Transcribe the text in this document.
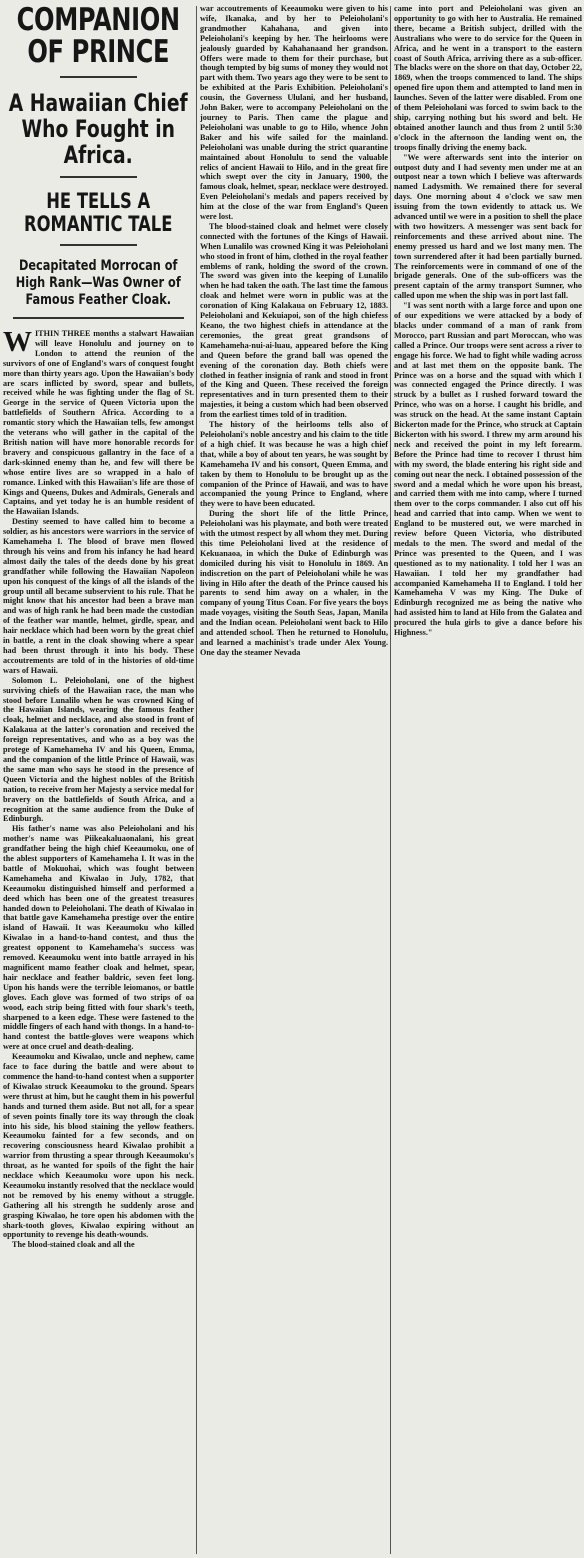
COMPANION
OF PRINCE
A Hawaiian Chief Who Fought in Africa.
HE TELLS A ROMANTIC TALE
Decapitated Morrocan of High Rank—Was Owner of Famous Feather Cloak.

WITHIN THREE months a stalwart Hawaiian will leave Honolulu and journey on to London to attend the reunion of the survivors of one of England's wars of conquest fought more than thirty years ago. Upon the Hawaiian's body are scars inflicted by sword, spear and bullets, received while he was fighting under the flag of St. George in the service of Queen Victoria upon the battlefields of Southern Africa. According to a romantic story which the Hawaiian tells, few amongst the veterans who will gather in the capital of the British nation will have more honorable records for bravery and conspicuous gallantry in the face of a dark-skinned enemy than he, and few will there be whose entire lives are so wrapped in a halo of romance. Linked with this Hawaiian's life are those of Kings and Queens, Dukes and Admirals, Generals and Captains, and yet today he is an humble resident of the Hawaiian Islands.

Destiny seemed to have called him to become a soldier, as his ancestors were warriors in the service of Kamehameha I. The blood of brave men flowed through his veins and from his infancy he had heard almost daily the tales of the deeds done by his great grandfather while following the Hawaiian Napoleon upon his conquest of the kings of all the islands of the group until all became subservient to his rule. That he might know that his ancestor had been a brave man and was of high rank he had been made the custodian of the feather war mantle, helmet, girdle, spear, and hair necklace which had been worn by the great chief in battle, a rent in the cloak showing where a spear had been thrust through it into his body. These accoutrements are told of in the histories of old-time wars of Hawaii.

Solomon L. Peleioholani, one of the highest surviving chiefs of the Hawaiian race, the man who stood before Lunalilo when he was crowned King of the Hawaiian Islands, wearing the famous feather cloak, helmet and necklace, and also stood in front of Kalakaua at the latter's coronation and received the foreign representatives, and who as a boy was the protege of Kamehameha IV and his Queen, Emma, and the companion of the little Prince of Hawaii, was the same man who says he stood in the presence of Queen Victoria and the highest nobles of the British nation, to receive from her Majesty a service medal for bravery on the battlefields of South Africa, and a recognition at the same audience from the Duke of Edinburgh.

His father's name was also Peleioholani and his mother's name was Piikeakaluaonalani, his great grandfather being the high chief Keeaumoku, one of the ablest supporters of Kamehameha I. It was in the battle of Mokuohai, which was fought between Kamehameha and Kiwalao in July, 1782, that Keeaumoku distinguished himself and performed a deed which has been one of the greatest treasures handed down to Peleioholani. The death of Kiwalao in that battle gave Kamehameha prestige over the entire island of Hawaii. It was Keeaumoku who killed Kiwalao in a hand-to-hand contest, and thus the greatest opponent to Kamehameha's success was removed. Keeaumoku went into battle arrayed in his magnificent mamo feather cloak and helmet, spear, hair necklace and feather baldric, seven feet long. Upon his hands were the terrible leiomanos, or battle gloves. Each glove was formed of two strips of oa wood, each strip being fitted with four shark's teeth, sharpened to a keen edge. These were fastened to the middle fingers of each hand with thongs. In a hand-to-hand contest the battle-gloves were weapons which were at once cruel and death-dealing.

Keeaumoku and Kiwalao, uncle and nephew, came face to face during the battle and were about to commence the hand-to-hand contest when a supporter of Kiwalao struck Keeaumoku to the ground. Spears were thrust at him, but he caught them in his powerful hands and turned them aside. But not all, for a spear of seven points finally tore its way through the cloak into his side, his blood staining the yellow feathers. Keeaumoku fainted for a few seconds, and on recovering consciousness heard Kiwalao prohibit a warrior from thrusting a spear through Keeaumoku's throat, as he wanted for spoils of the fight the hair necklace which Keeaumoku wore upon his neck. Keeaumoku instantly resolved that the necklace would not be removed by his enemy without a struggle. Gathering all his strength he suddenly arose and grasping Kiwalao, he tore open his abdomen with the shark-tooth gloves, Kiwalao expiring without an opportunity to revenge his death-wounds.

The blood-stained cloak and all the

war accoutrements of Keeaumoku were given to his wife, Ikanaka, and by her to Peleioholani's grandmother Kahahana, and given into Peleioholani's keeping by her. The heirlooms were jealously guarded by Kahahanaand her grandson. Offers were made to them for their purchase, but though tempted by big sums of money they would not part with them. Two years ago they were to be sent to be exhibited at the Paris Exhibition. Peleioholani's cousin, the Governess Ululani, and her husband, John Baker, were to accompany Peleioholani on the journey to Paris. Then came the plague and Peleioholani was unable to go to Hilo, whence John Baker and his wife sailed for the mainland. Peleioholani was unable during the strict quarantine maintained about Honolulu to send the valuable relics of ancient Hawaii to Hilo, and in the great fire which swept over the city in January, 1900, the famous cloak, helmet, spear, necklace were destroyed. Even Peleioholani's medals and papers received by him at the close of the war from England's Queen were lost.

The blood-stained cloak and helmet were closely connected with the fortunes of the Kings of Hawaii. When Lunalilo was crowned King it was Peleioholani who stood in front of him, clothed in the royal feather emblems of rank, holding the sword of the crown. The sword was given into the keeping of Lunalilo when he had taken the oath. The last time the famous cloak and helmet were worn in public was at the coronation of King Kalakaua on February 12, 1883. Peleioholani and Kekuiapoi, son of the high chiefess Keano, the two highest chiefs in attendance at the ceremonies, the great great grandsons of Kamehameha-nui-ai-luau, appeared before the King and Queen before the grand ball was opened the evening of the coronation day. Both chiefs were clothed in feather insignia of rank and stood in front of the King and Queen. These received the foreign representatives and in turn presented them to their majesties, it being a custom which had been observed from the earliest times told of in tradition.

The history of the heirlooms tells also of Peleioholani's noble ancestry and his claim to the title of a high chief. It was because he was a high chief that, while a boy of about ten years, he was sought by Kamehameha IV and his consort, Queen Emma, and taken by them to Honolulu to be brought up as the companion of the Prince of Hawaii, and was to have accompanied the young Prince to England, where they were to have been educated.

During the short life of the little Prince, Peleioholani was his playmate, and both were treated with the utmost respect by all whom they met. During this time Peleioholani lived at the residence of Kekuanaoa, in which the Duke of Edinburgh was domiciled during his visit to Honolulu in 1869. An indiscretion on the part of Peleioholani while he was living in Hilo after the death of the Prince caused his parents to send him away on a whaler, in the company of young Titus Coan. For five years the boys made voyages, visiting the South Seas, Japan, Manila and the Indian ocean. Peleioholani went back to Hilo and attended school. Then he returned to Honolulu, and learned a machinist's trade under Alex Young. One day the steamer Nevada

came into port and Peleioholani was given an opportunity to go with her to Australia. He remained there, became a British subject, drilled with the Australians who were to do service for the Queen in Africa, and he went in a transport to the eastern coast of South Africa, arriving there as a sub-officer. The blacks were on the shore on that day, October 22, 1869, when the troops commenced to land. The ships opened fire upon them and attempted to land men in launches. Seven of the latter were disabled. From one of them Peleioholani was forced to swim back to the ship, carrying nothing but his sword and belt. He obtained another launch and thus from 2 until 5:30 o'clock in the afternoon the landing went on, the troops finally driving the enemy back.

"We were afterwards sent into the interior on outpost duty and I had seventy men under me at an outpost near a town which I believe was afterwards named Ladysmith. We remained there for several days. One morning about 4 o'clock we saw men issuing from the town evidently to attack us. We advanced until we were in a position to shell the place with two howitzers. A messenger was sent back for reinforcements and these arrived about nine. The enemy pressed us hard and we lost many men. The town surrendered after it had been partially burned. The reinforcements were in command of one of the brigade generals. One of the sub-officers was the present captain of the army transport Sumner, who called upon me when the ship was in port last fall.

"I was sent north with a large force and upon one of our expeditions we were attacked by a body of blacks under command of a man of rank from Morocco, part Russian and part Moroccan, who was called a Prince. Our troops were sent across a river to engage his force. We had to fight while wading across and at last met them on the opposite bank. The Prince was on a horse and the squad with which I was connected engaged the Prince directly. I was struck by a bullet as I rushed forward toward the Prince, who was on a horse. I caught his bridle, and was struck on the head. At the same instant Captain Bickerton made for the Prince, who struck at Captain Bickerton with his sword. I threw my arm around his neck and received the point in my left forearm. Before the Prince had time to recover I thrust him with my sword, the blade entering his right side and coming out near the neck. I obtained possession of the sword and a medal which he wore upon his breast, and carried them with me into camp, where I turned them over to the corps commander. I also cut off his head and carried that into camp. When we went to England to be mustered out, we were marched in review before Queen Victoria, who distributed medals to the men. The sword and medal of the Prince was presented to the Queen, and I was questioned as to my nationality. I told her I was an Hawaiian. I told her my grandfather had accompanied Kamehameha II to England. I told her Kamehameha V was my King. The Duke of Edinburgh recognized me as being the native who had assisted him to land at Hilo from the Galatea and procured the hula girls to give a dance before his Highness."
